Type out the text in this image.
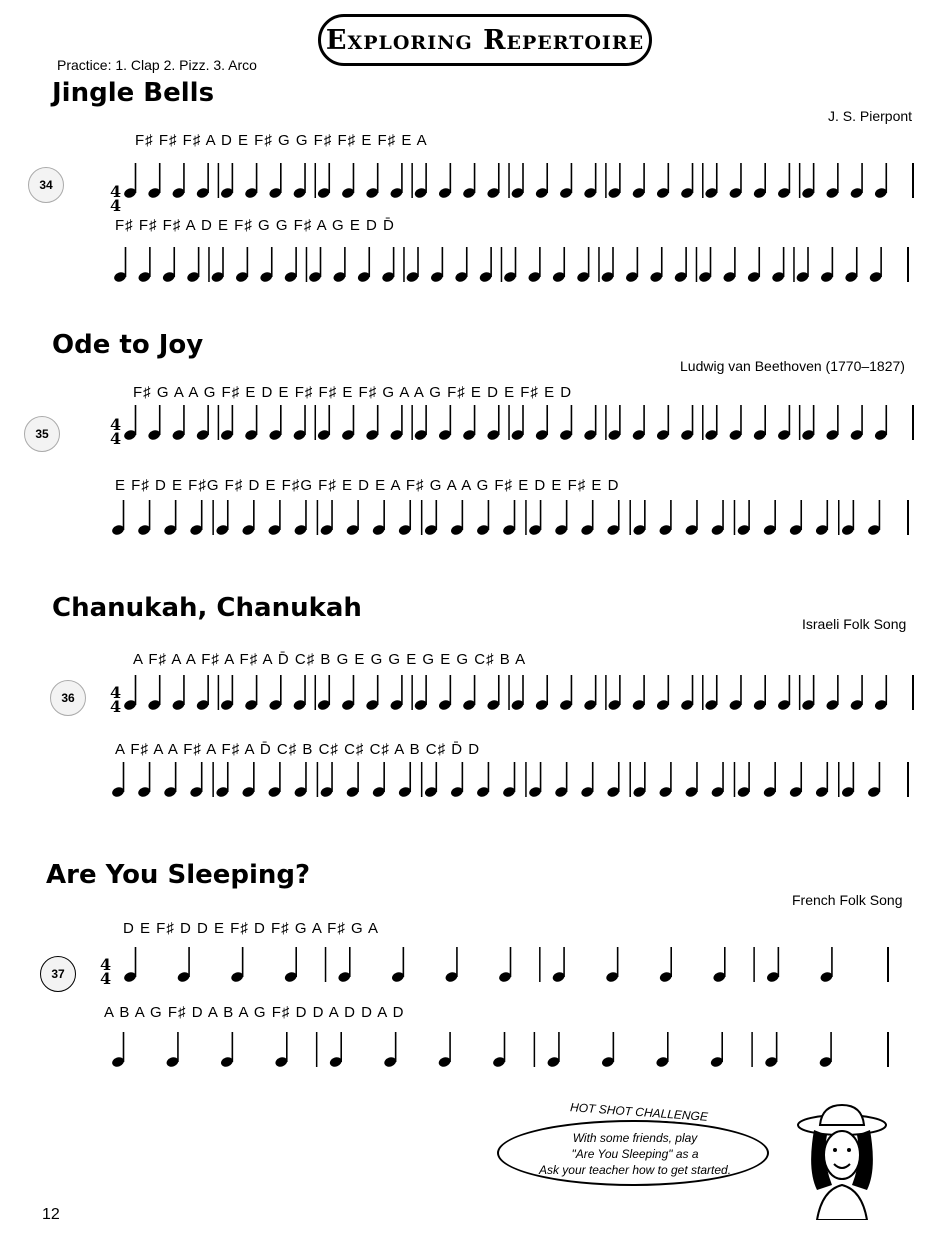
Exploring Repertoire
Practice: 1. Clap 2. Pizz. 3. Arco
Jingle Bells
J. S. Pierpont
34
F♯ F♯ F♯ A D E F♯ G G F♯ F♯ E F♯ E A
F♯ F♯ F♯ A D E F♯ G G F♯ A G E D D̄
4
4
Ode to Joy
Ludwig van Beethoven (1770–1827)
35
F♯ G A A G F♯ E D E F♯ F♯ E F♯ G A A G F♯ E D E F♯ E D
E F♯ D E F♯G F♯ D E F♯G F♯ E D E A F♯ G A A G F♯ E D E F♯ E D
4
4
Chanukah, Chanukah
Israeli Folk Song
36
A F♯ A A F♯ A F♯ A D̄ C♯ B G E G G E G E G C♯ B A
A F♯ A A F♯ A F♯ A D̄ C♯ B C♯ C♯ C♯ A B C♯ D̄ D
4
4
Are You Sleeping?
French Folk Song
37
D E F♯ D D E F♯ D F♯ G A F♯ G A
A B A G F♯ D A B A G F♯ D D A D D A D
4
4
HOT SHOT CHALLENGE
With some friends, play
"Are You Sleeping" as a
Ask your teacher how to get started.
12
